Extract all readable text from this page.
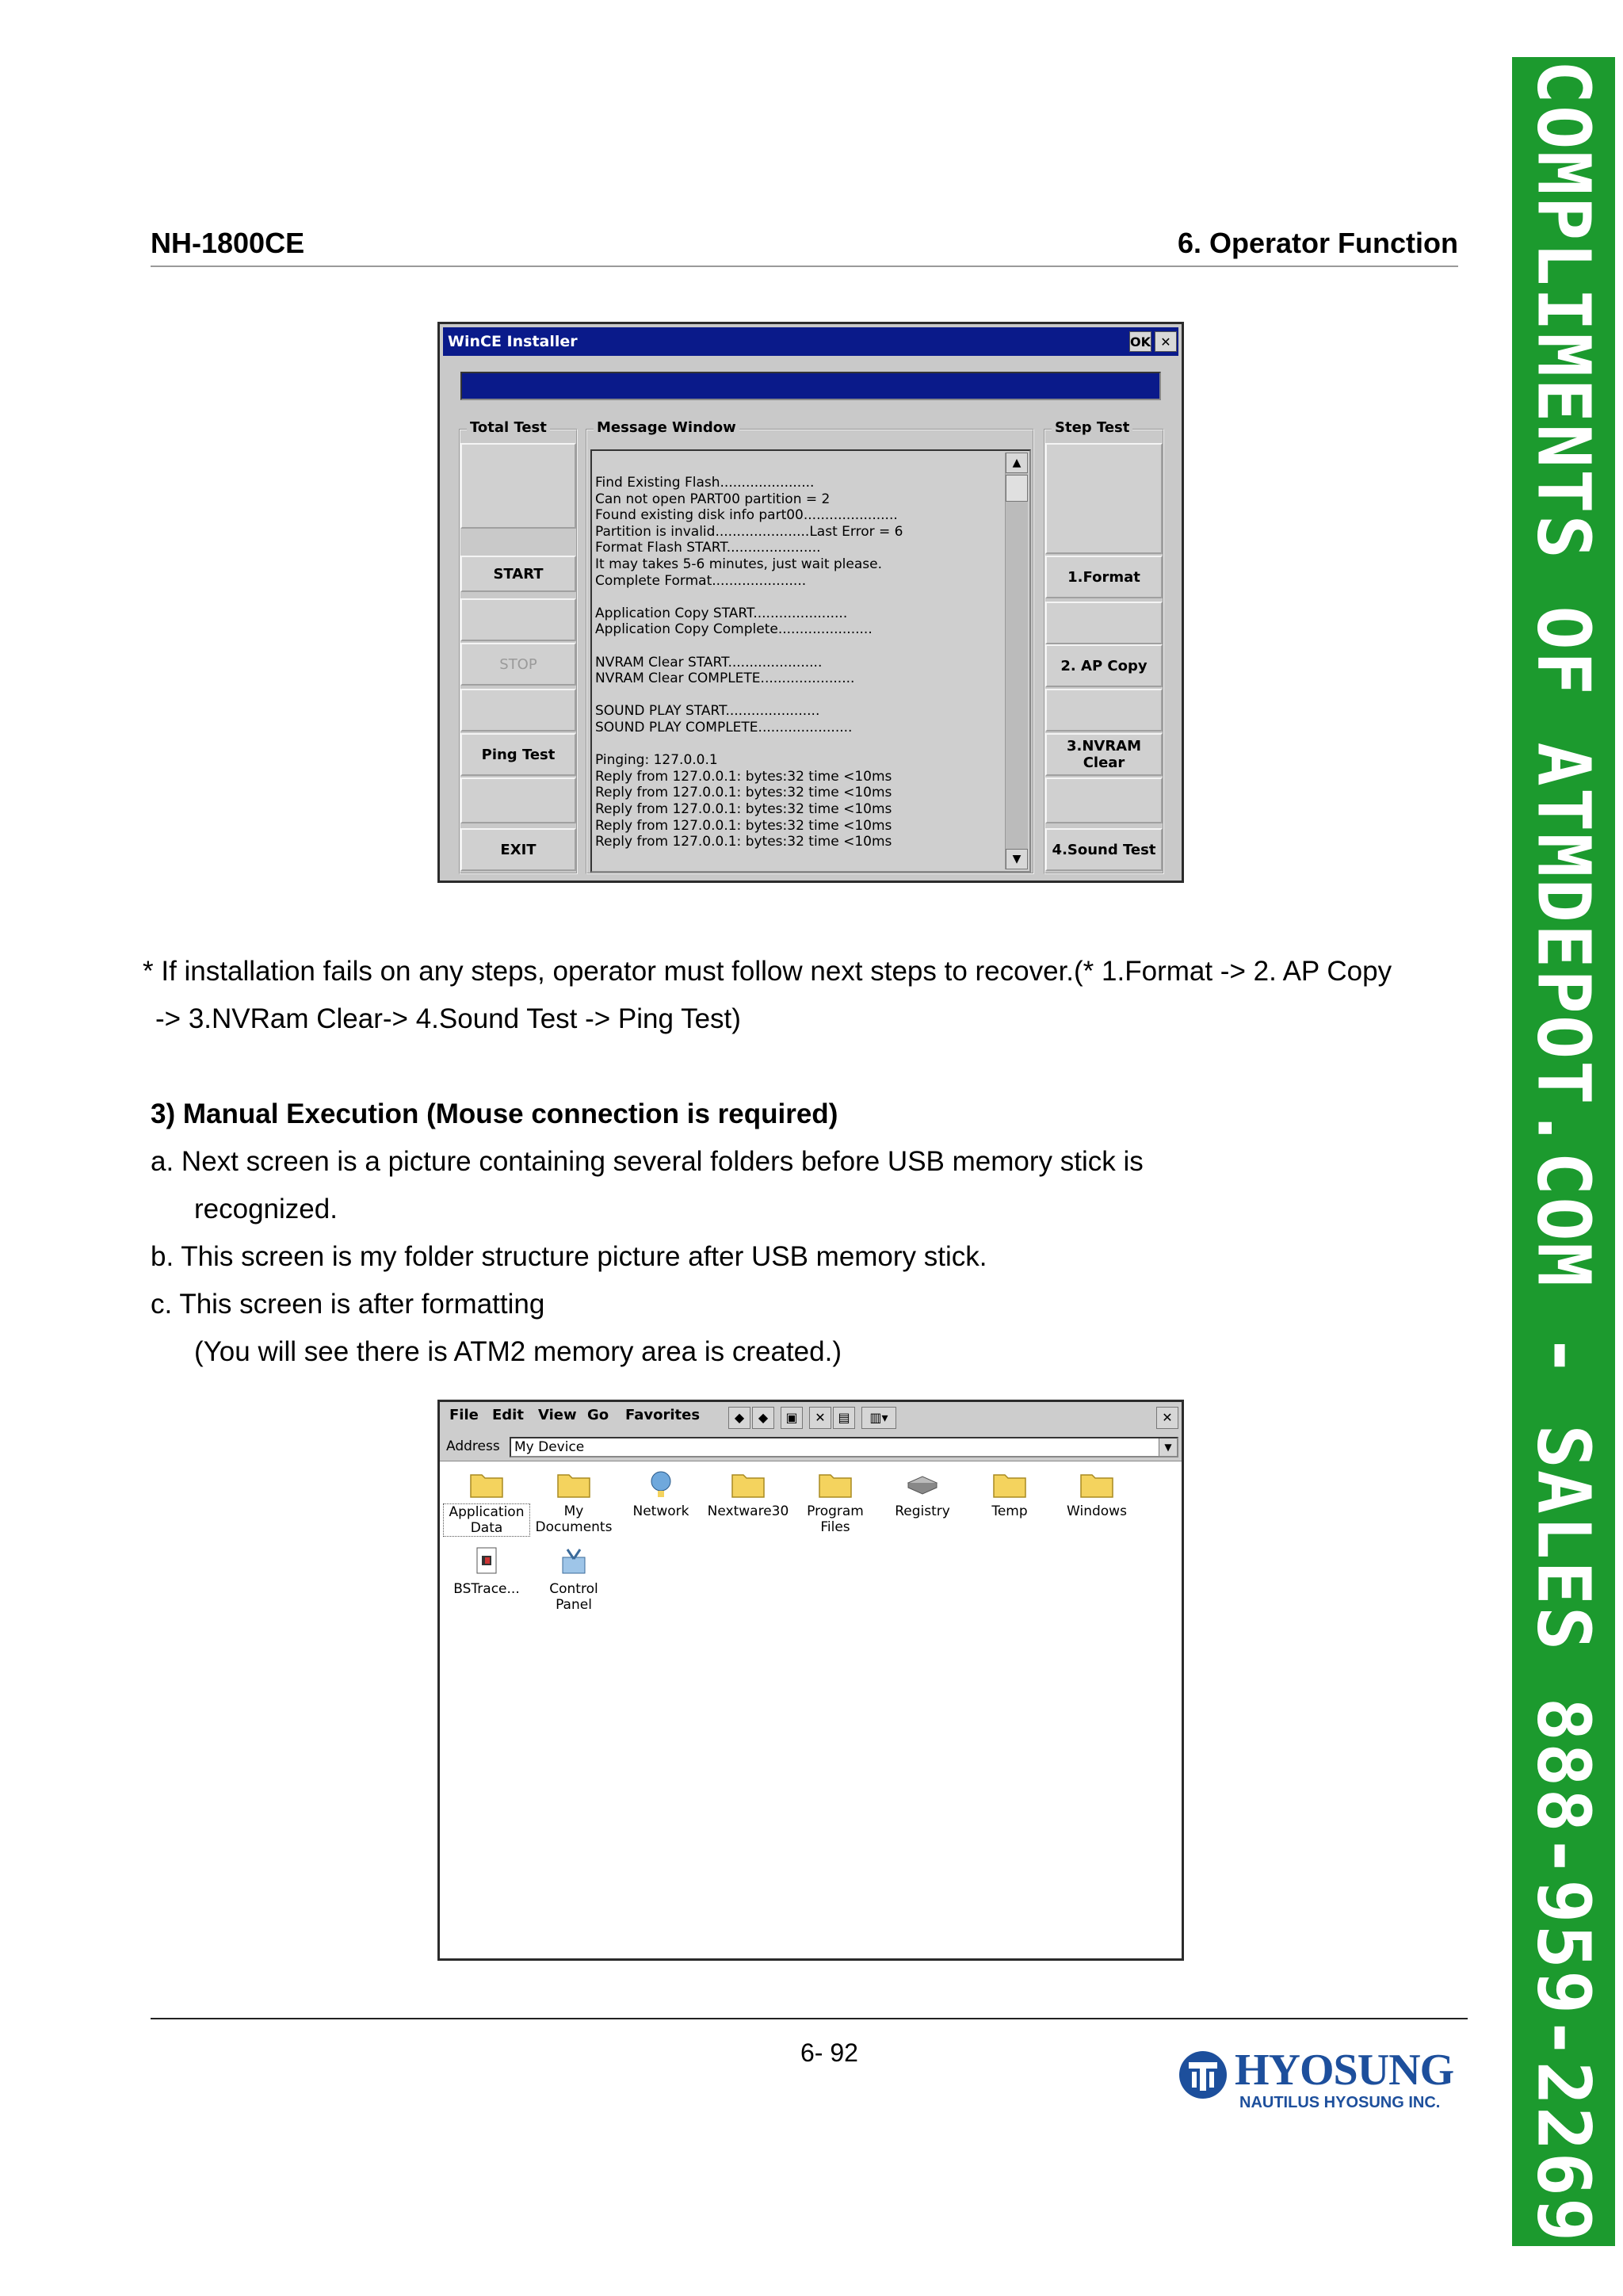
NH-1800CE	6. Operator Function COMPLIMENTS OF ATMDEPOT.COM - SALES 888-959-2269
WinCE Installer	OK ✕
Total Test
START
STOP
Ping Test
EXIT
Message Window
Find Existing Flash......................
Can not open PART00 partition = 2
Found existing disk info part00......................
Partition is invalid......................Last Error = 6
Format Flash START......................
It may takes 5-6 minutes, just wait please.
Complete Format......................
Application Copy START......................
Application Copy Complete......................
NVRAM Clear START......................
NVRAM Clear COMPLETE......................
SOUND PLAY START......................
SOUND PLAY COMPLETE......................
Pinging: 127.0.0.1
Reply from 127.0.0.1: bytes:32 time <10ms
Reply from 127.0.0.1: bytes:32 time <10ms
Reply from 127.0.0.1: bytes:32 time <10ms
Reply from 127.0.0.1: bytes:32 time <10ms
Reply from 127.0.0.1: bytes:32 time <10ms
▲
▼
Step Test
1.Format
2. AP Copy
3.NVRAM Clear
4.Sound Test
* If installation fails on any steps, operator must follow next steps to recover.(* 1.Format -> 2. AP Copy
-> 3.NVRam Clear-> 4.Sound Test -> Ping Test)
3) Manual Execution (Mouse connection is required)
a. Next screen is a picture containing several folders before USB memory stick is
recognized.
b. This screen is my folder structure picture after USB memory stick.
c. This screen is after formatting
(You will see there is ATM2 memory area is created.)
File Edit View Go Favorites	◆	◆	▣	✕ ▤	▥▾	✕
Address	My Device	▼
Application Data
My Documents
Network	Nextware30	Program Files
Registry	Temp	Windows
BSTrace...	Control Panel
6- 92	HYOSUNG
NAUTILUS HYOSUNG INC.
